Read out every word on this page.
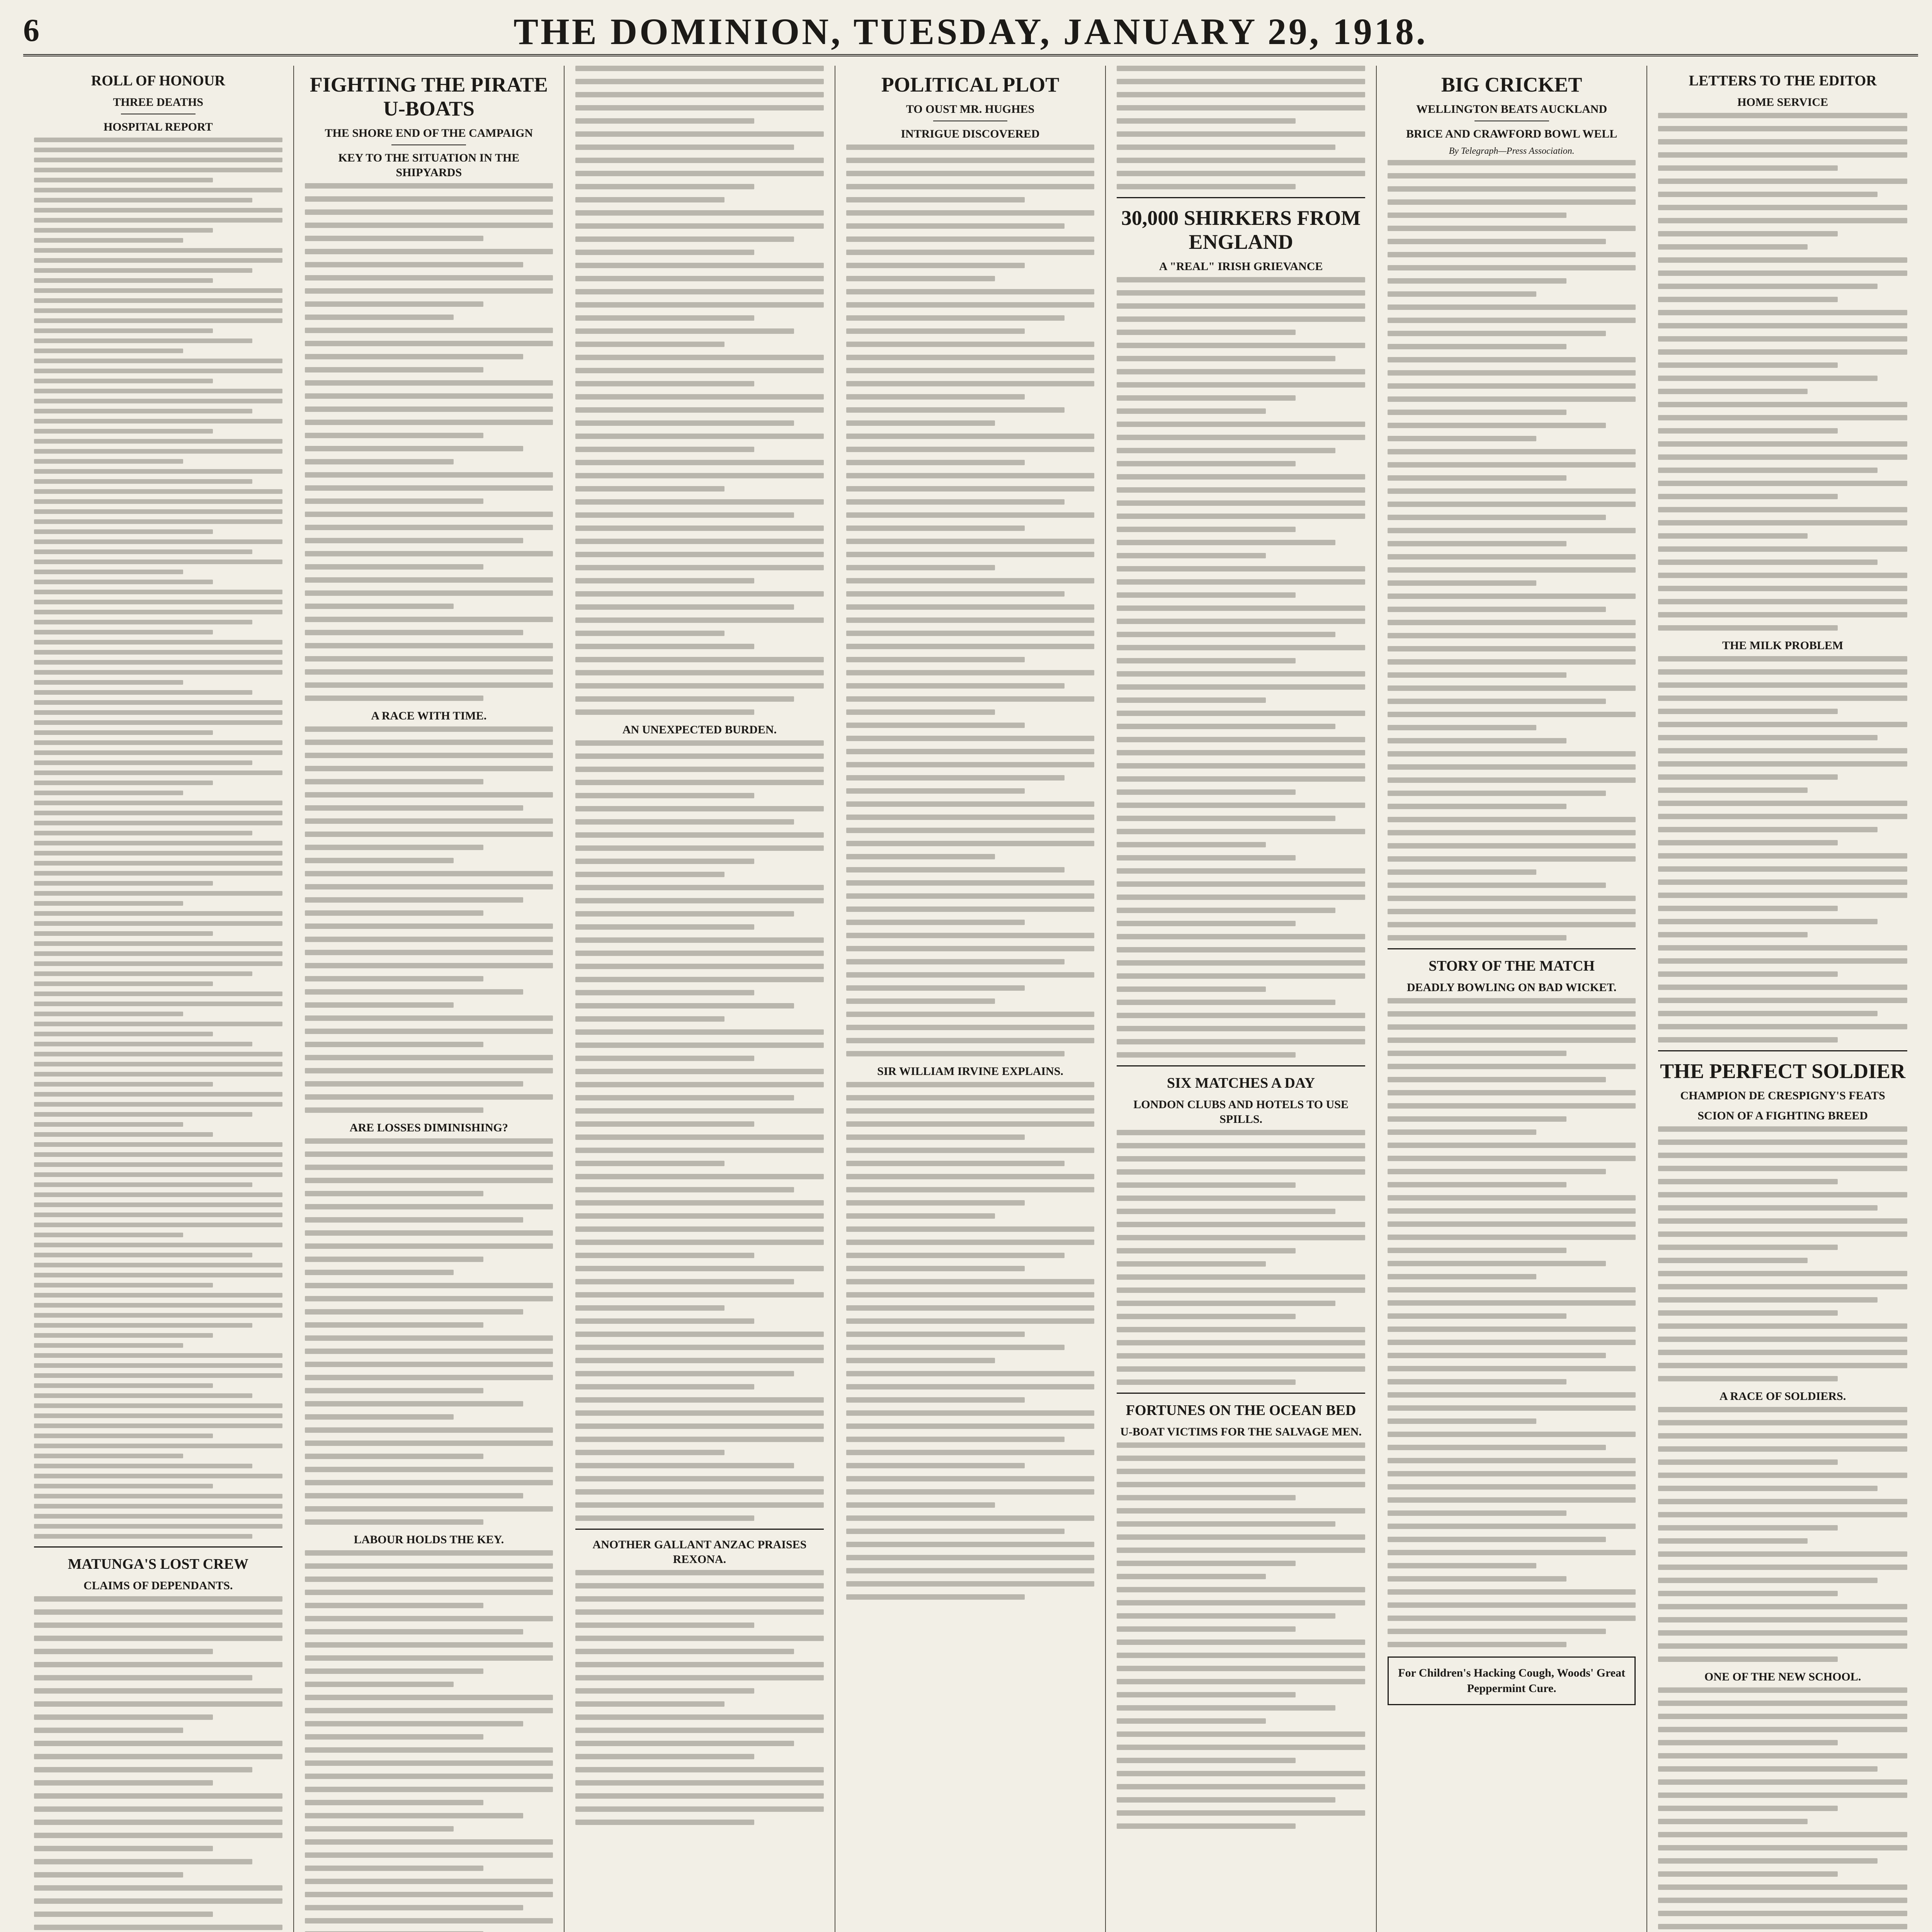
6	THE DOMINION, TUESDAY, JANUARY 29, 1918.
ROLL OF HONOUR
THREE DEATHS
HOSPITAL REPORT
MATUNGA'S LOST CREW
CLAIMS OF DEPENDANTS.
FIGHTING THE PIRATE U-BOATS
THE SHORE END OF THE CAMPAIGN
KEY TO THE SITUATION IN THE SHIPYARDS
A RACE WITH TIME.
ARE LOSSES DIMINISHING?
LABOUR HOLDS THE KEY.
AN UNEXPECTED BURDEN.
ANOTHER GALLANT ANZAC PRAISES REXONA.
POLITICAL PLOT
TO OUST MR. HUGHES
INTRIGUE DISCOVERED
SIR WILLIAM IRVINE EXPLAINS.
30,000 SHIRKERS FROM ENGLAND
A "REAL" IRISH GRIEVANCE
SIX MATCHES A DAY
LONDON CLUBS AND HOTELS TO USE SPILLS.
FORTUNES ON THE OCEAN BED
U-BOAT VICTIMS FOR THE SALVAGE MEN.
BIG CRICKET
WELLINGTON BEATS AUCKLAND
BRICE AND CRAWFORD BOWL WELL
By Telegraph—Press Association.
STORY OF THE MATCH
DEADLY BOWLING ON BAD WICKET.
For Children's Hacking Cough, Woods' Great Peppermint Cure.
LETTERS TO THE EDITOR
HOME SERVICE
THE MILK PROBLEM
THE PERFECT SOLDIER
CHAMPION DE CRESPIGNY'S FEATS
SCION OF A FIGHTING BREED
A RACE OF SOLDIERS.
ONE OF THE NEW SCHOOL.
